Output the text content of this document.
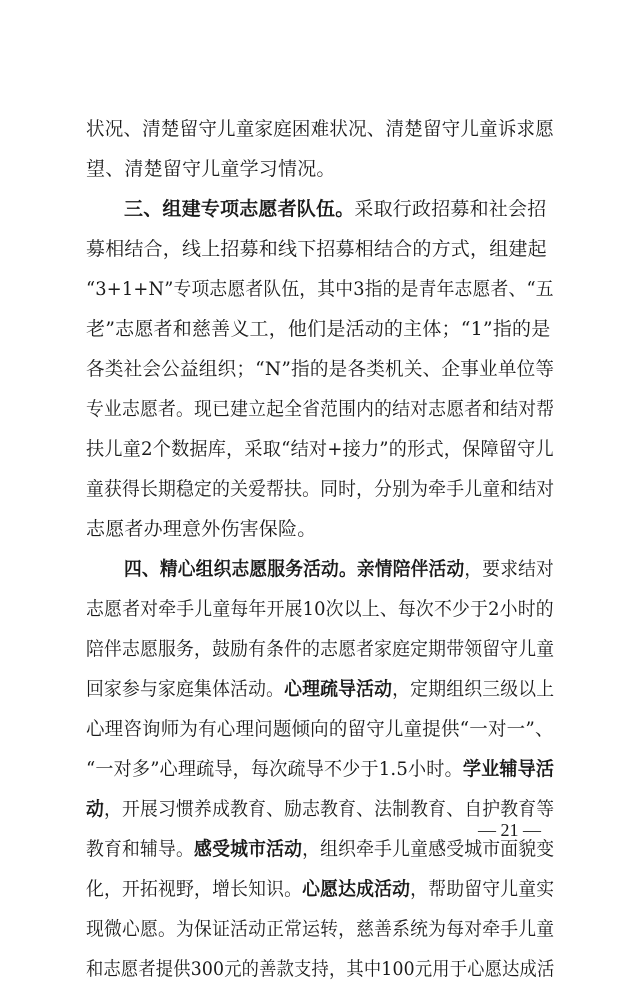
状况、清楚留守儿童家庭困难状况、清楚留守儿童诉求愿
望、清楚留守儿童学习情况。
三、组建专项志愿者队伍。采取行政招募和社会招
募相结合，线上招募和线下招募相结合的方式，组建起
“3+1+N”专项志愿者队伍，其中3指的是青年志愿者、“五
老”志愿者和慈善义工，他们是活动的主体；“1”指的是
各类社会公益组织；“N”指的是各类机关、企事业单位等
专业志愿者。现已建立起全省范围内的结对志愿者和结对帮
扶儿童2个数据库，采取“结对+接力”的形式，保障留守儿
童获得长期稳定的关爱帮扶。同时，分别为牵手儿童和结对
志愿者办理意外伤害保险。
四、精心组织志愿服务活动。亲情陪伴活动，要求结对
志愿者对牵手儿童每年开展10次以上、每次不少于2小时的
陪伴志愿服务，鼓励有条件的志愿者家庭定期带领留守儿童
回家参与家庭集体活动。心理疏导活动，定期组织三级以上
心理咨询师为有心理问题倾向的留守儿童提供“一对一”、
“一对多”心理疏导，每次疏导不少于1.5小时。学业辅导活
动，开展习惯养成教育、励志教育、法制教育、自护教育等
教育和辅导。感受城市活动，组织牵手儿童感受城市面貌变
化，开拓视野，增长知识。心愿达成活动，帮助留守儿童实
现微心愿。为保证活动正常运转，慈善系统为每对牵手儿童
和志愿者提供300元的善款支持，其中100元用于心愿达成活
— 21 —
